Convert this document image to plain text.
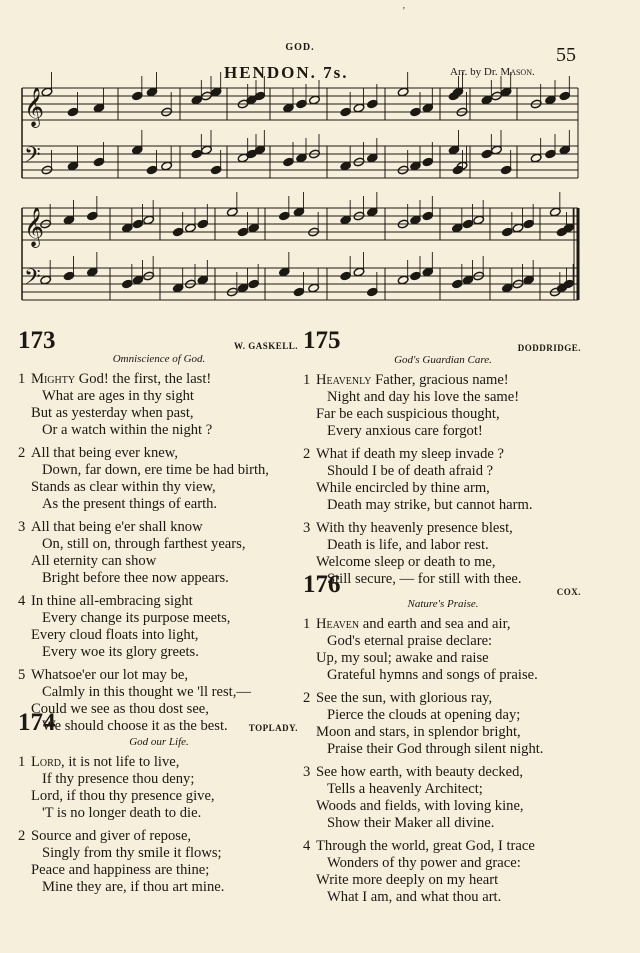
'
GOD.	55
HENDON. 7s.	Arr. by Dr. Mason.
𝄞
𝄢
𝄞
𝄢
173	W. GASKELL.
Omniscience of God.
1 Mighty God! the first, the last!
What are ages in thy sight
But as yesterday when past,
Or a watch within the night ?
2 All that being ever knew,
Down, far down, ere time be had birth,
Stands as clear within thy view,
As the present things of earth.
3 All that being e'er shall know
On, still on, through farthest years,
All eternity can show
Bright before thee now appears.
4 In thine all-embracing sight
Every change its purpose meets,
Every cloud floats into light,
Every woe its glory greets.
5 Whatsoe'er our lot may be,
Calmly in this thought we 'll rest,—
Could we see as thou dost see,
We should choose it as the best.
174	TOPLADY.
God our Life.
1 Lord, it is not life to live,
If thy presence thou deny;
Lord, if thou thy presence give,
'T is no longer death to die.
2 Source and giver of repose,
Singly from thy smile it flows;
Peace and happiness are thine;
Mine they are, if thou art mine.
175	DODDRIDGE.
God's Guardian Care.
1 Heavenly Father, gracious name!
Night and day his love the same!
Far be each suspicious thought,
Every anxious care forgot!
2 What if death my sleep invade ?
Should I be of death afraid ?
While encircled by thine arm,
Death may strike, but cannot harm.
3 With thy heavenly presence blest,
Death is life, and labor rest.
Welcome sleep or death to me,
Still secure, — for still with thee.
176	COX.
Nature's Praise.
1 Heaven and earth and sea and air,
God's eternal praise declare:
Up, my soul; awake and raise
Grateful hymns and songs of praise.
2 See the sun, with glorious ray,
Pierce the clouds at opening day;
Moon and stars, in splendor bright,
Praise their God through silent night.
3 See how earth, with beauty decked,
Tells a heavenly Architect;
Woods and fields, with loving kine,
Show their Maker all divine.
4 Through the world, great God, I trace
Wonders of thy power and grace:
Write more deeply on my heart
What I am, and what thou art.
